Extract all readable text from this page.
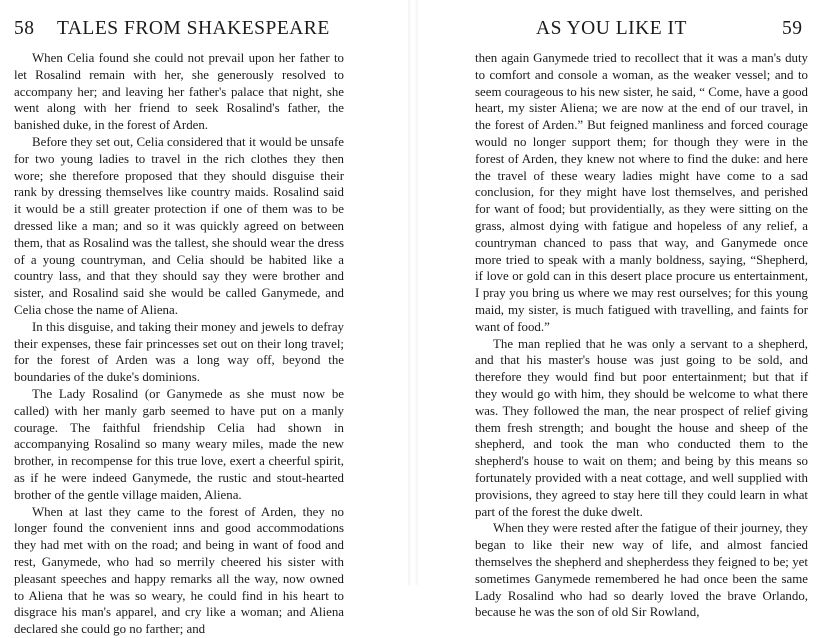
58 TALES FROM SHAKESPEARE

When Celia found she could not prevail upon her father to let Rosalind remain with her, she generously resolved to accompany her; and leaving her father's palace that night, she went along with her friend to seek Rosalind's father, the banished duke, in the forest of Arden.

Before they set out, Celia considered that it would be unsafe for two young ladies to travel in the rich clothes they then wore; she therefore proposed that they should disguise their rank by dressing themselves like country maids. Rosalind said it would be a still greater protection if one of them was to be dressed like a man; and so it was quickly agreed on between them, that as Rosalind was the tallest, she should wear the dress of a young countryman, and Celia should be habited like a country lass, and that they should say they were brother and sister, and Rosalind said she would be called Ganymede, and Celia chose the name of Aliena.

In this disguise, and taking their money and jewels to defray their expenses, these fair princesses set out on their long travel; for the forest of Arden was a long way off, beyond the boundaries of the duke's dominions.

The Lady Rosalind (or Ganymede as she must now be called) with her manly garb seemed to have put on a manly courage. The faithful friendship Celia had shown in accompanying Rosalind so many weary miles, made the new brother, in recompense for this true love, exert a cheerful spirit, as if he were indeed Ganymede, the rustic and stout-hearted brother of the gentle village maiden, Aliena.

When at last they came to the forest of Arden, they no longer found the convenient inns and good accommodations they had met with on the road; and being in want of food and rest, Ganymede, who had so merrily cheered his sister with pleasant speeches and happy remarks all the way, now owned to Aliena that he was so weary, he could find in his heart to disgrace his man's apparel, and cry like a woman; and Aliena declared she could go no farther; and

AS YOU LIKE IT	59

then again Ganymede tried to recollect that it was a man's duty to comfort and console a woman, as the weaker vessel; and to seem courageous to his new sister, he said, “ Come, have a good heart, my sister Aliena; we are now at the end of our travel, in the forest of Arden.” But feigned manliness and forced courage would no longer support them; for though they were in the forest of Arden, they knew not where to find the duke: and here the travel of these weary ladies might have come to a sad conclusion, for they might have lost themselves, and perished for want of food; but providentially, as they were sitting on the grass, almost dying with fatigue and hopeless of any relief, a countryman chanced to pass that way, and Ganymede once more tried to speak with a manly boldness, saying, “Shepherd, if love or gold can in this desert place procure us entertainment, I pray you bring us where we may rest ourselves; for this young maid, my sister, is much fatigued with travelling, and faints for want of food.”

The man replied that he was only a servant to a shepherd, and that his master's house was just going to be sold, and therefore they would find but poor entertainment; but that if they would go with him, they should be welcome to what there was. They followed the man, the near prospect of relief giving them fresh strength; and bought the house and sheep of the shepherd, and took the man who conducted them to the shepherd's house to wait on them; and being by this means so fortunately provided with a neat cottage, and well supplied with provisions, they agreed to stay here till they could learn in what part of the forest the duke dwelt.

When they were rested after the fatigue of their journey, they began to like their new way of life, and almost fancied themselves the shepherd and shepherdess they feigned to be; yet sometimes Ganymede remembered he had once been the same Lady Rosalind who had so dearly loved the brave Orlando, because he was the son of old Sir Rowland,
